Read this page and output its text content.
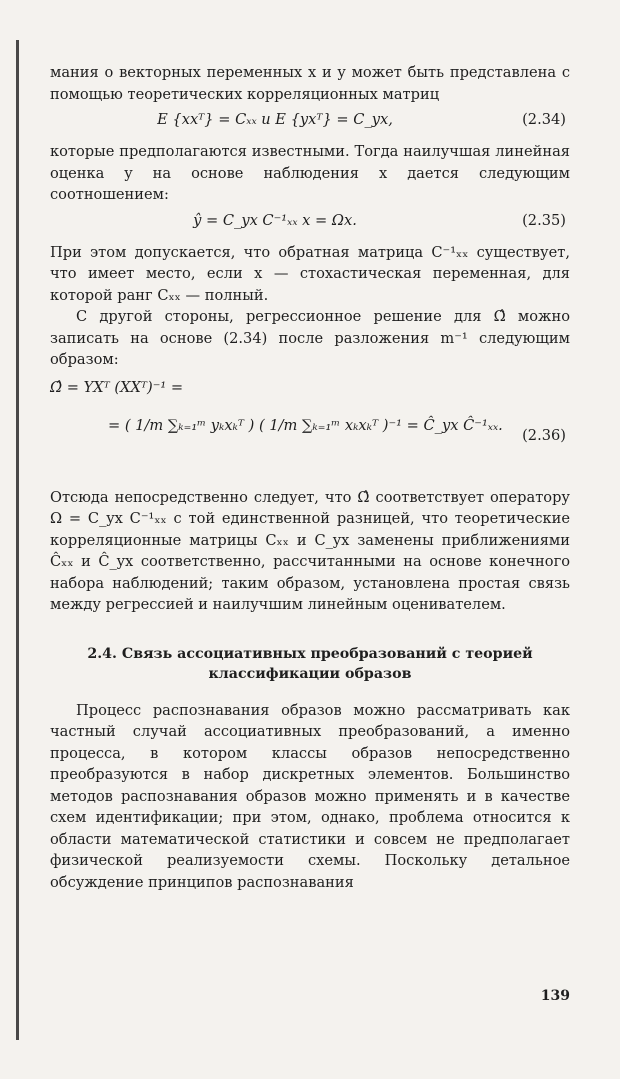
мания о векторных переменных x и y может быть представлена с помощью теоретических корреляционных матриц

E {xxᵀ} = Cₓₓ и E {yxᵀ} = C_yx,	(2.34)

которые предполагаются известными. Тогда наилучшая линейная оценка y на основе наблюдения x дается следующим соотношением:

ŷ = C_yx C⁻¹ₓₓ x = Ωx.	(2.35)

При этом допускается, что обратная матрица C⁻¹ₓₓ существует, что имеет место, если x — стохастическая переменная, для которой ранг Cₓₓ — полный.

С другой стороны, регрессионное решение для Ω̂ можно записать на основе (2.34) после разложения m⁻¹ следующим образом:

Ω̂ = YXᵀ (XXᵀ)⁻¹ =
= ( 1/m ∑ₖ₌₁ᵐ yₖxₖᵀ ) ( 1/m ∑ₖ₌₁ᵐ xₖxₖᵀ )⁻¹ = Ĉ_yx Ĉ⁻¹ₓₓ.
(2.36)

Отсюда непосредственно следует, что Ω̂ соответствует оператору Ω = C_yx C⁻¹ₓₓ с той единственной разницей, что теоретические корреляционные матрицы Cₓₓ и C_yx заменены приближениями Ĉₓₓ и Ĉ_yx соответственно, рассчитанными на основе конечного набора наблюдений; таким образом, установлена простая связь между регрессией и наилучшим линейным оценивателем.

2.4. Связь ассоциативных преобразований с теорией классификации образов

Процесс распознавания образов можно рассматривать как частный случай ассоциативных преобразований, а именно процесса, в котором классы образов непосредственно преобразуются в набор дискретных элементов. Большинство методов распознавания образов можно применять и в качестве схем идентификации; при этом, однако, проблема относится к области математической статистики и совсем не предполагает физической реализуемости схемы. Поскольку детальное обсуждение принципов распознавания

139
